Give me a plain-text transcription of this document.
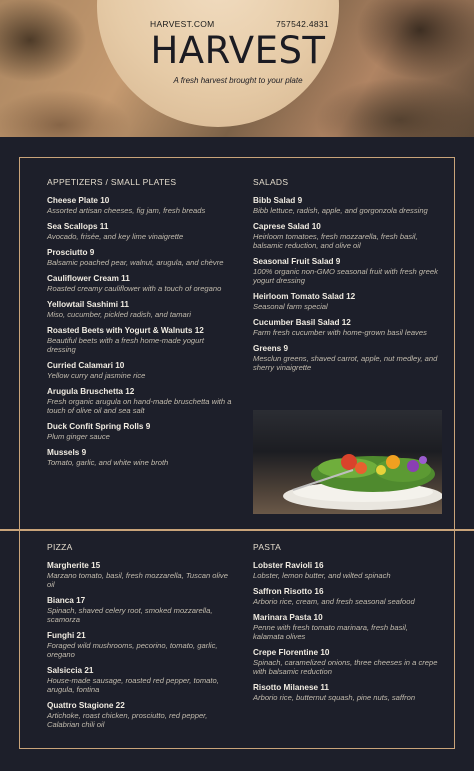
HARVEST.COM	757542.4831
HARVEST
A fresh harvest brought to your plate
APPETIZERS / SMALL PLATES
Cheese Plate 10
Assorted artisan cheeses, fig jam, fresh breads
Sea Scallops 11
Avocado, frisée, and key lime vinaigrette
Prosciutto 9
Balsamic poached pear, walnut, arugula, and chèvre
Cauliflower Cream 11
Roasted creamy cauliflower with a touch of oregano
Yellowtail Sashimi 11
Miso, cucumber, pickled radish, and tamari
Roasted Beets with Yogurt & Walnuts 12
Beautiful beets with a fresh home-made yogurt dressing
Curried Calamari 10
Yellow curry and jasmine rice
Arugula Bruschetta 12
Fresh organic arugula on hand-made bruschetta with a touch of olive oil and sea salt
Duck Confit Spring Rolls 9
Plum ginger sauce
Mussels 9
Tomato, garlic, and white wine broth
SALADS
Bibb Salad 9
Bibb lettuce, radish, apple, and gorgonzola dressing
Caprese Salad 10
Heirloom tomatoes, fresh mozzarella, fresh basil, balsamic reduction, and olive oil
Seasonal Fruit Salad 9
100% organic non-GMO seasonal fruit with fresh greek yogurt dressing
Heirloom Tomato Salad 12
Seasonal farm special
Cucumber Basil Salad 12
Farm fresh cucumber with home-grown basil leaves
Greens 9
Mesclun greens, shaved carrot, apple, nut medley, and sherry vinaigrette
PIZZA
Margherite 15
Marzano tomato, basil, fresh mozzarella, Tuscan olive oil
Bianca 17
Spinach, shaved celery root, smoked mozzarella, scamorza
Funghi 21
Foraged wild mushrooms, pecorino, tomato, garlic, oregano
Salsiccia 21
House-made sausage, roasted red pepper, tomato, arugula, fontina
Quattro Stagione 22
Artichoke, roast chicken, prosciutto, red pepper, Calabrian chili oil
PASTA
Lobster Ravioli 16
Lobster, lemon butter, and wilted spinach
Saffron Risotto 16
Arborio rice, cream, and fresh seasonal seafood
Marinara Pasta 10
Penne with fresh tomato marinara, fresh basil, kalamata olives
Crepe Florentine 10
Spinach, caramelized onions, three cheeses in a crepe with balsamic reduction
Risotto Milanese 11
Arborio rice, butternut squash, pine nuts, saffron
